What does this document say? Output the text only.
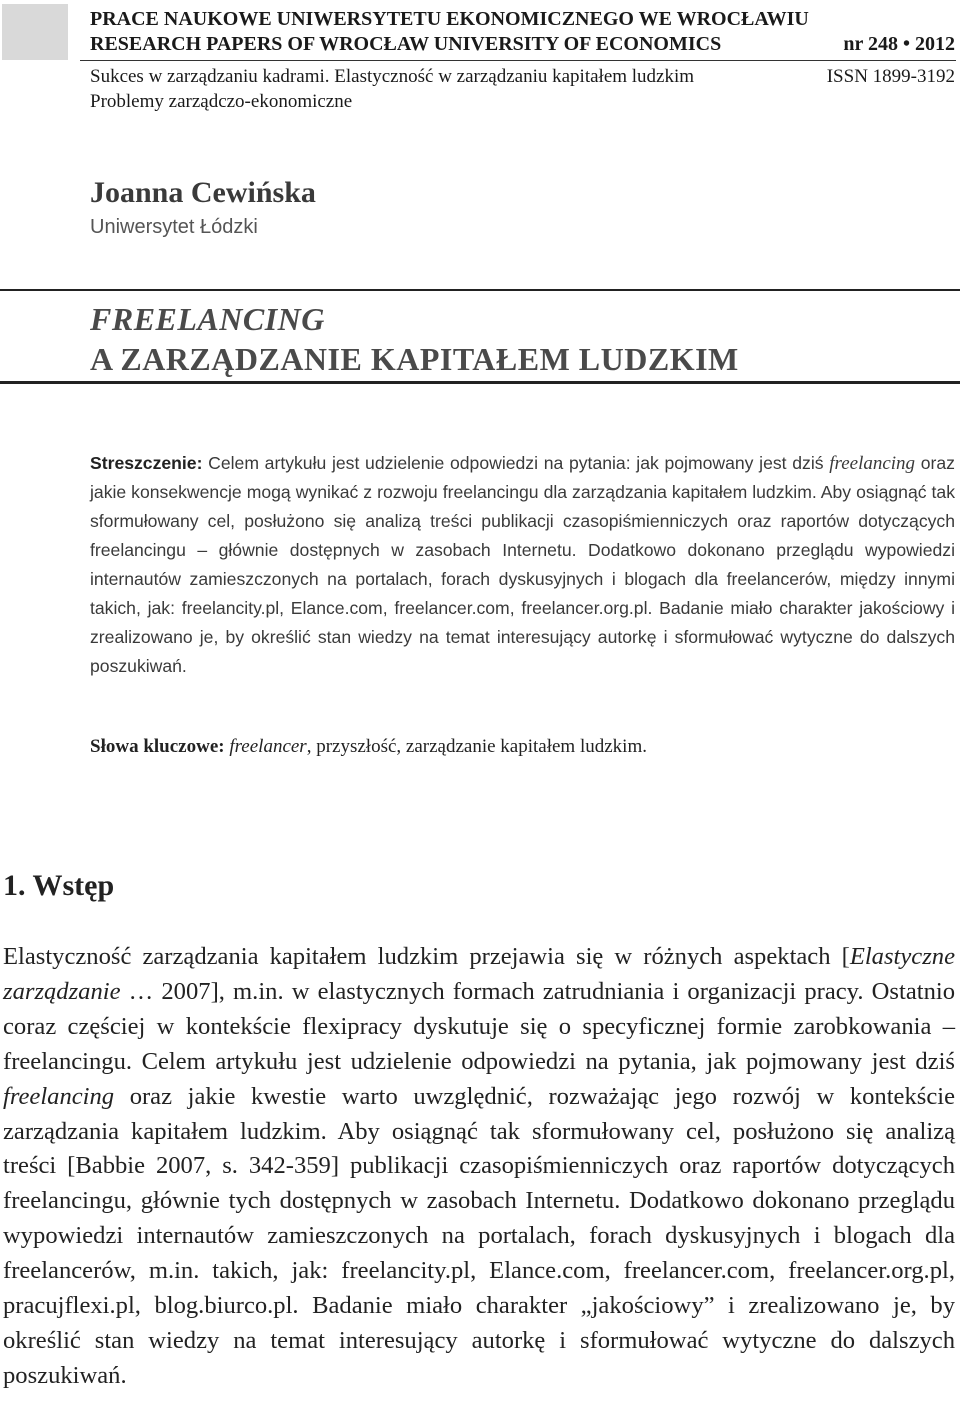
PRACE NAUKOWE UNIWERSYTETU EKONOMICZNEGO WE WROCŁAWIU
RESEARCH PAPERS OF WROCŁAW UNIVERSITY OF ECONOMICS	nr 248 • 2012
Sukces w zarządzaniu kadrami. Elastyczność w zarządzaniu kapitałem ludzkim	ISSN 1899-3192
Problemy zarządczo-ekonomiczne
Joanna Cewińska
Uniwersytet Łódzki
FREELANCING
A ZARZĄDZANIE KAPITAŁEM LUDZKIM
Streszczenie: Celem artykułu jest udzielenie odpowiedzi na pytania: jak pojmowany jest dziś freelancing oraz jakie konsekwencje mogą wynikać z rozwoju freelancingu dla zarządzania kapitałem ludzkim. Aby osiągnąć tak sformułowany cel, posłużono się analizą treści publikacji czasopiśmienniczych oraz raportów dotyczących freelancingu – głównie dostępnych w zasobach Internetu. Dodatkowo dokonano przeglądu wypowiedzi internautów zamieszczonych na portalach, forach dyskusyjnych i blogach dla freelancerów, między innymi takich, jak: freelancity.pl, Elance.com, freelancer.com, freelancer.org.pl. Badanie miało charakter jakościowy i zrealizowano je, by określić stan wiedzy na temat interesujący autorkę i sformułować wytyczne do dalszych poszukiwań.
Słowa kluczowe: freelancer, przyszłość, zarządzanie kapitałem ludzkim.
1. Wstęp
Elastyczność zarządzania kapitałem ludzkim przejawia się w różnych aspektach [Elastyczne zarządzanie … 2007], m.in. w elastycznych formach zatrudniania i organizacji pracy. Ostatnio coraz częściej w kontekście flexipracy dyskutuje się o specyficznej formie zarobkowania – freelancingu. Celem artykułu jest udzielenie odpowiedzi na pytania, jak pojmowany jest dziś freelancing oraz jakie kwestie warto uwzględnić, rozważając jego rozwój w kontekście zarządzania kapitałem ludzkim. Aby osiągnąć tak sformułowany cel, posłużono się analizą treści [Babbie 2007, s. 342-359] publikacji czasopiśmienniczych oraz raportów dotyczących freelancingu, głównie tych dostępnych w zasobach Internetu. Dodatkowo dokonano przeglądu wypowiedzi internautów zamieszczonych na portalach, forach dyskusyjnych i blogach dla freelancerów, m.in. takich, jak: freelancity.pl, Elance.com, freelancer.com, freelancer.org.pl, pracujflexi.pl, blog.biurco.pl. Badanie miało charakter „jakościowy” i zrealizowano je, by określić stan wiedzy na temat interesujący autorkę i sformułować wytyczne do dalszych poszukiwań.
